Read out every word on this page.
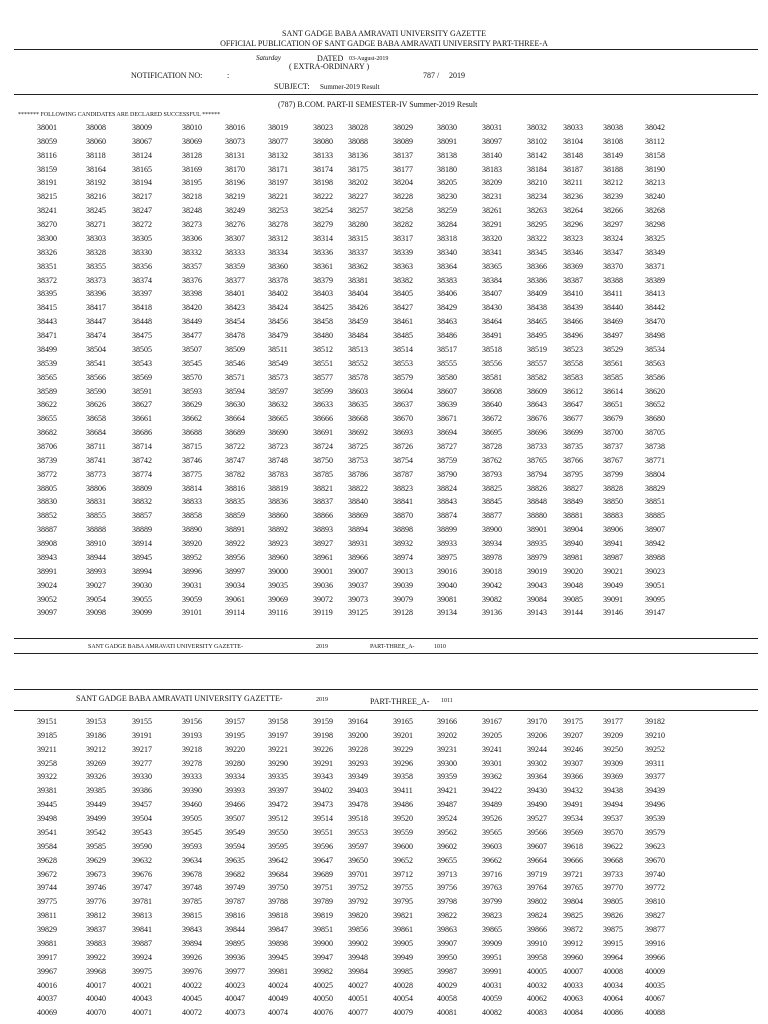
SANT GADGE BABA AMRAVATI UNIVERSITY GAZETTE
OFFICIAL PUBLICATION OF SANT GADGE BABA AMRAVATI UNIVERSITY PART-THREE-A
Saturday	DATED 03-August-2019
( EXTRA-ORDINARY )
NOTIFICATION NO:	:	787 / 2019
SUBJECT: Summer-2019 Result
(787) B.COM. PART-II SEMESTER-IV Summer-2019 Result
******* FOLLOWING CANDIDATES ARE DECLARED SUCCESSFUL ******
38001	38008	38009	38010	38016	38019	38023 38028	38029	38030	38031	38032 38033	38038	38042
38059	38060	38067	38069	38073	38077	38080 38088	38089	38091	38097	38102 38104	38108	38112
38116	38118	38124	38128	38131	38132	38133 38136	38137	38138	38140	38142 38148	38149	38158
38159	38164	38165	38169	38170	38171	38174 38175	38177	38180	38183	38184 38187	38188	38190
38191	38192	38194	38195	38196	38197	38198 38202	38204	38205	38209	38210 38211	38212	38213
38215	38216	38217	38218	38219	38221	38222 38227	38228	38230	38231	38234 38236	38239	38240
38241	38245	38247	38248	38249	38253	38254 38257	38258	38259	38261	38263 38264	38266	38268
38270	38271	38272	38273	38276	38278	38279 38280	38282	38284	38291	38295 38296	38297	38298
38300	38303	38305	38306	38307	38312	38314 38315	38317	38318	38320	38322 38323	38324	38325
38326	38328	38330	38332	38333	38334	38336 38337	38339	38340	38341	38345 38346	38347	38349
38351	38355	38356	38357	38359	38360	38361 38362	38363	38364	38365	38366 38369	38370	38371
38372	38373	38374	38376	38377	38378	38379 38381	38382	38383	38384	38386 38387	38388	38389
38395	38396	38397	38398	38401	38402	38403 38404	38405	38406	38407	38409 38410	38411	38413
38415	38417	38418	38420	38423	38424	38425 38426	38427	38429	38430	38438 38439	38440	38442
38443	38447	38448	38449	38454	38456	38458 38459	38461	38463	38464	38465 38466	38469	38470
38471	38474	38475	38477	38478	38479	38480 38484	38485	38486	38491	38495 38496	38497	38498
38499	38504	38505	38507	38509	38511	38512 38513	38514	38517	38518	38519 38523	38529	38534
38539	38541	38543	38545	38546	38549	38551 38552	38553	38555	38556	38557 38558	38561	38563
38565	38566	38569	38570	38571	38573	38577 38578	38579	38580	38581	38582 38583	38585	38586
38589	38590	38591	38593	38594	38597	38599 38603	38604	38607	38608	38609 38612	38614	38620
38622	38626	38627	38629	38630	38632	38633 38635	38637	38639	38640	38643 38647	38651	38652
38655	38658	38661	38662	38664	38665	38666 38668	38670	38671	38672	38676 38677	38679	38680
38682	38684	38686	38688	38689	38690	38691 38692	38693	38694	38695	38696 38699	38700	38705
38706	38711	38714	38715	38722	38723	38724 38725	38726	38727	38728	38733 38735	38737	38738
38739	38741	38742	38746	38747	38748	38750 38753	38754	38759	38762	38765 38766	38767	38771
38772	38773	38774	38775	38782	38783	38785 38786	38787	38790	38793	38794 38795	38799	38804
38805	38806	38809	38814	38816	38819	38821 38822	38823	38824	38825	38826 38827	38828	38829
38830	38831	38832	38833	38835	38836	38837 38840	38841	38843	38845	38848 38849	38850	38851
38852	38855	38857	38858	38859	38860	38866 38869	38870	38874	38877	38880 38881	38883	38885
38887	38888	38889	38890	38891	38892	38893 38894	38898	38899	38900	38901 38904	38906	38907
38908	38910	38914	38920	38922	38923	38927 38931	38932	38933	38934	38935 38940	38941	38942
38943	38944	38945	38952	38956	38960	38961 38966	38974	38975	38978	38979 38981	38987	38988
38991	38993	38994	38996	38997	39000	39001 39007	39013	39016	39018	39019 39020	39021	39023
39024	39027	39030	39031	39034	39035	39036 39037	39039	39040	39042	39043 39048	39049	39051
39052	39054	39055	39059	39061	39069	39072 39073	39079	39081	39082	39084 39085	39091	39095
39097	39098	39099	39101	39114	39116	39119 39125	39128	39134	39136	39143 39144	39146	39147
SANT GADGE BABA AMRAVATI UNIVERSITY GAZETTE-	2019	PART-THREE_A-	1010
SANT GADGE BABA AMRAVATI UNIVERSITY GAZETTE-	2019	PART-THREE_A- 1011
39151	39153	39155	39156	39157	39158	39159 39164	39165	39166	39167	39170 39175	39177	39182
39185	39186	39191	39193	39195	39197	39198 39200	39201	39202	39205	39206 39207	39209	39210
39211	39212	39217	39218	39220	39221	39226 39228	39229	39231	39241	39244 39246	39250	39252
39258	39269	39277	39278	39280	39290	39291 39293	39296	39300	39301	39302 39307	39309	39311
39322	39326	39330	39333	39334	39335	39343 39349	39358	39359	39362	39364 39366	39369	39377
39381	39385	39386	39390	39393	39397	39402 39403	39411	39421	39422	39430 39432	39438	39439
39445	39449	39457	39460	39466	39472	39473 39478	39486	39487	39489	39490 39491	39494	39496
39498	39499	39504	39505	39507	39512	39514 39518	39520	39524	39526	39527 39534	39537	39539
39541	39542	39543	39545	39549	39550	39551 39553	39559	39562	39565	39566 39569	39570	39579
39584	39585	39590	39593	39594	39595	39596 39597	39600	39602	39603	39607 39618	39622	39623
39628	39629	39632	39634	39635	39642	39647 39650	39652	39655	39662	39664 39666	39668	39670
39672	39673	39676	39678	39682	39684	39689 39701	39712	39713	39716	39719 39721	39733	39740
39744	39746	39747	39748	39749	39750	39751 39752	39755	39756	39763	39764 39765	39770	39772
39775	39776	39781	39785	39787	39788	39789 39792	39795	39798	39799	39802 39804	39805	39810
39811	39812	39813	39815	39816	39818	39819 39820	39821	39822	39823	39824 39825	39826	39827
39829	39837	39841	39843	39844	39847	39851 39856	39861	39863	39865	39866 39872	39875	39877
39881	39883	39887	39894	39895	39898	39900 39902	39905	39907	39909	39910 39912	39915	39916
39917	39922	39924	39926	39936	39945	39947 39948	39949	39950	39951	39958 39960	39964	39966
39967	39968	39975	39976	39977	39981	39982 39984	39985	39987	39991	40005 40007	40008	40009
40016	40017	40021	40022	40023	40024	40025 40027	40028	40029	40031	40032 40033	40034	40035
40037	40040	40043	40045	40047	40049	40050 40051	40054	40058	40059	40062 40063	40064	40067
40069	40070	40071	40072	40073	40074	40076 40077	40079	40081	40082	40083 40084	40086	40088
